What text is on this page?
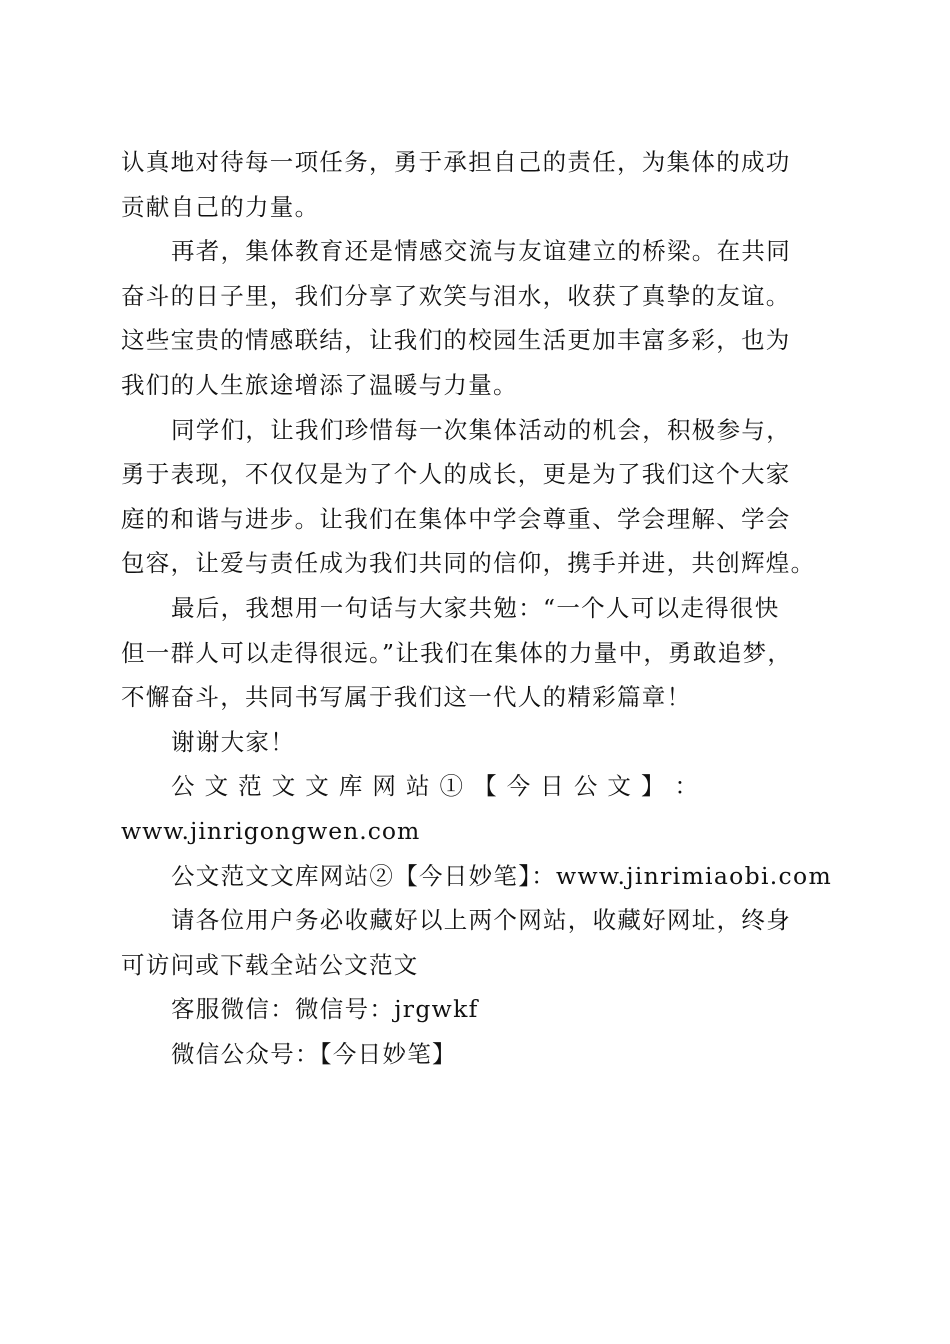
认真地对待每一项任务，勇于承担自己的责任，为集体的成功
贡献自己的力量。
再者，集体教育还是情感交流与友谊建立的桥梁。在共同
奋斗的日子里，我们分享了欢笑与泪水，收获了真挚的友谊。
这些宝贵的情感联结，让我们的校园生活更加丰富多彩，也为
我们的人生旅途增添了温暖与力量。
同学们，让我们珍惜每一次集体活动的机会，积极参与，
勇于表现，不仅仅是为了个人的成长，更是为了我们这个大家
庭的和谐与进步。让我们在集体中学会尊重、学会理解、学会
包容，让爱与责任成为我们共同的信仰，携手并进，共创辉煌。
最后，我想用一句话与大家共勉：“一个人可以走得很快
但一群人可以走得很远。”让我们在集体的力量中，勇敢追梦，
不懈奋斗，共同书写属于我们这一代人的精彩篇章！
谢谢大家！
公 文 范 文 文 库 网 站 ① 【 今 日 公 文 】 ：
www.jinrigongwen.com
公文范文文库网站②【今日妙笔】：www.jinrimiaobi.com
请各位用户务必收藏好以上两个网站，收藏好网址，终身
可访问或下载全站公文范文
客服微信：微信号：jrgwkf
微信公众号：【今日妙笔】
